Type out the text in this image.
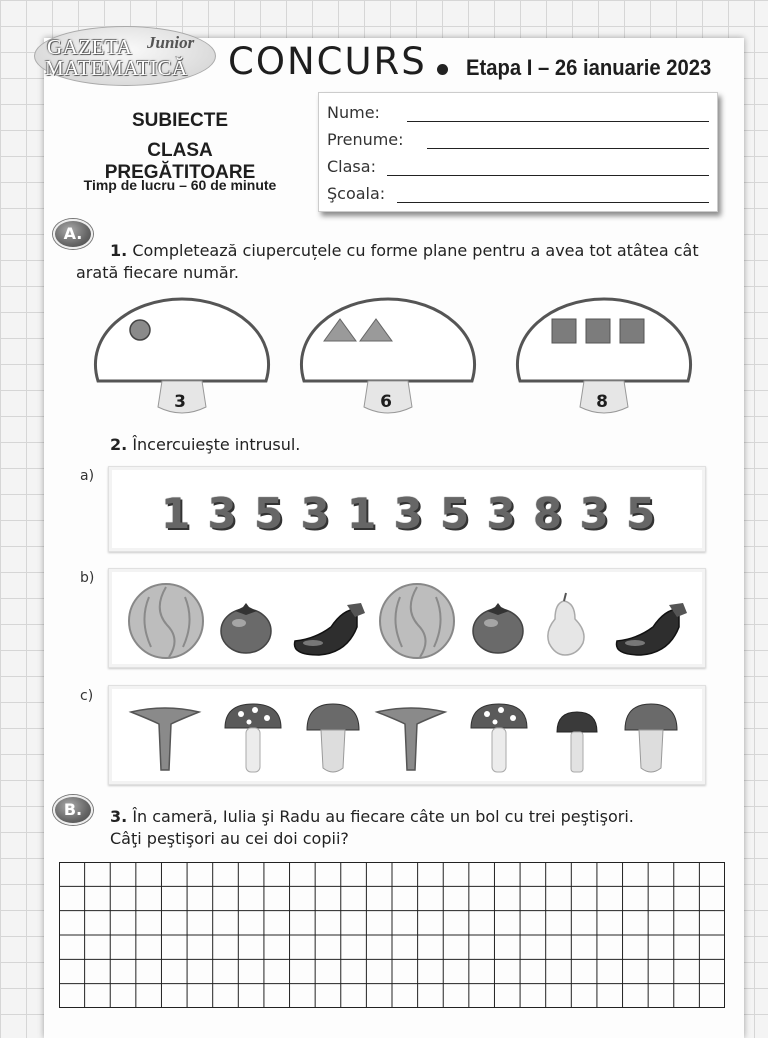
GAZETA Junior
MATEMATICĂ CONCURS Etapa I – 26 ianuarie 2023
SUBIECTE
CLASA PREGĂTITOARE
Timp de lucru – 60 de minute
Nume:
Prenume:
Clasa:
Şcoala:
A.
1. Completează ciupercuțele cu forme plane pentru a avea tot atâtea cât arată fiecare număr.
3	6	8
2. Încercuieşte intrusul.
a)
1 3 5 3 1 3 5 3 8 3 5
b)
c)
B.	3. În cameră, Iulia şi Radu au fiecare câte un bol cu trei peştişori.
Câţi peştişori au cei doi copii?
